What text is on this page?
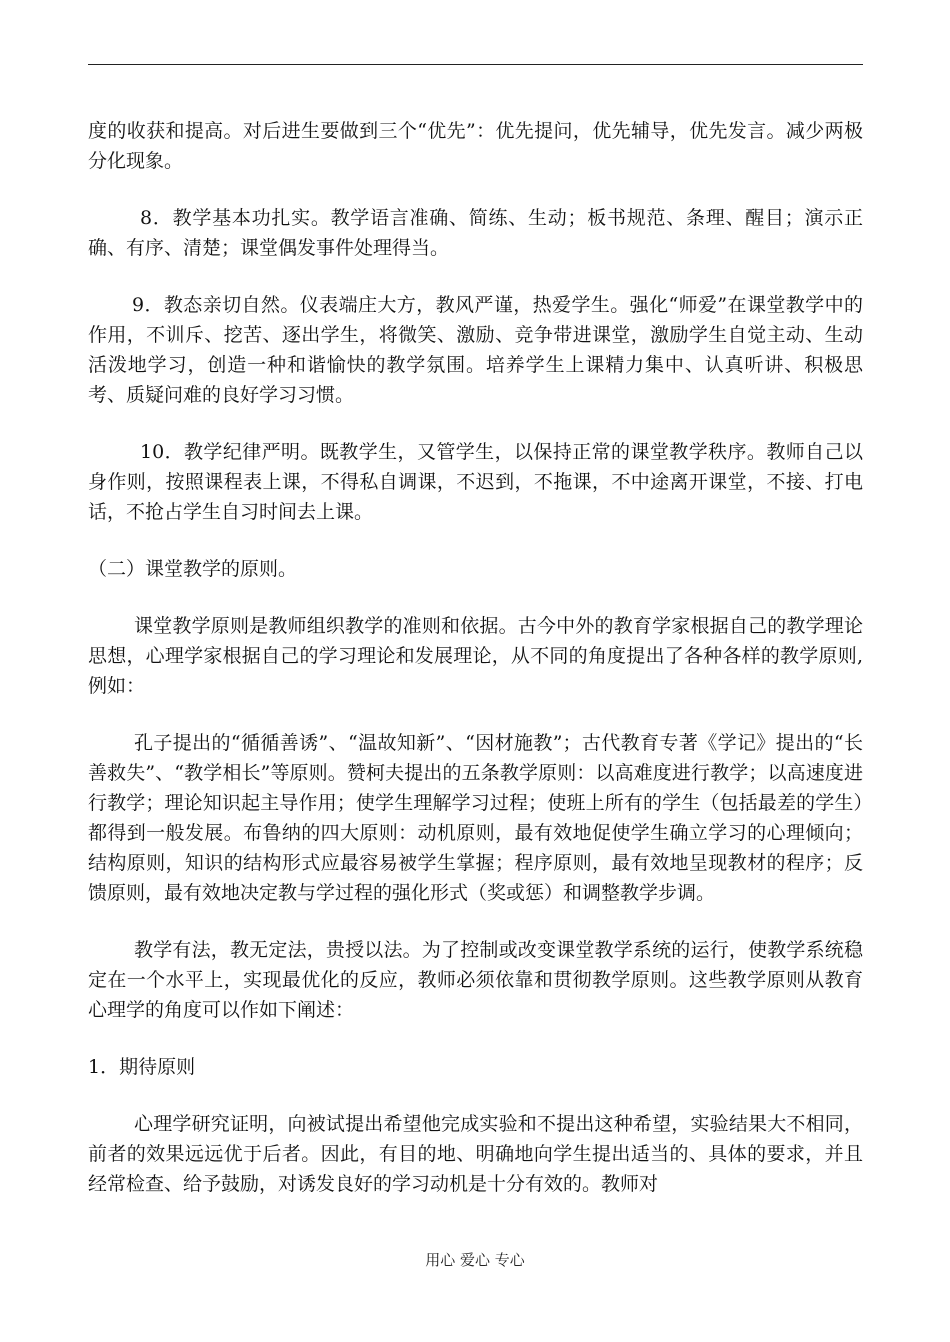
度的收获和提高。对后进生要做到三个“优先”：优先提问，优先辅导，优先发言。减少两极分化现象。

8．教学基本功扎实。教学语言准确、简练、生动；板书规范、条理、醒目；演示正确、有序、清楚；课堂偶发事件处理得当。

9．教态亲切自然。仪表端庄大方，教风严谨，热爱学生。强化“师爱”在课堂教学中的作用，不训斥、挖苦、逐出学生，将微笑、激励、竞争带进课堂，激励学生自觉主动、生动活泼地学习，创造一种和谐愉快的教学氛围。培养学生上课精力集中、认真听讲、积极思考、质疑问难的良好学习习惯。

10．教学纪律严明。既教学生，又管学生，以保持正常的课堂教学秩序。教师自己以身作则，按照课程表上课，不得私自调课，不迟到，不拖课，不中途离开课堂，不接、打电话，不抢占学生自习时间去上课。

（二）课堂教学的原则。

课堂教学原则是教师组织教学的准则和依据。古今中外的教育学家根据自己的教学理论思想，心理学家根据自己的学习理论和发展理论，从不同的角度提出了各种各样的教学原则,例如：

孔子提出的“循循善诱”、“温故知新”、“因材施教”；古代教育专著《学记》提出的“长善救失”、“教学相长”等原则。赞柯夫提出的五条教学原则：以高难度进行教学；以高速度进行教学；理论知识起主导作用；使学生理解学习过程；使班上所有的学生（包括最差的学生）都得到一般发展。布鲁纳的四大原则：动机原则，最有效地促使学生确立学习的心理倾向；结构原则，知识的结构形式应最容易被学生掌握；程序原则，最有效地呈现教材的程序；反馈原则，最有效地决定教与学过程的强化形式（奖或惩）和调整教学步调。

教学有法，教无定法，贵授以法。为了控制或改变课堂教学系统的运行，使教学系统稳定在一个水平上，实现最优化的反应，教师必须依靠和贯彻教学原则。这些教学原则从教育心理学的角度可以作如下阐述：

1．期待原则

心理学研究证明，向被试提出希望他完成实验和不提出这种希望，实验结果大不相同，前者的效果远远优于后者。因此，有目的地、明确地向学生提出适当的、具体的要求，并且经常检查、给予鼓励，对诱发良好的学习动机是十分有效的。教师对

用心 爱心 专心
